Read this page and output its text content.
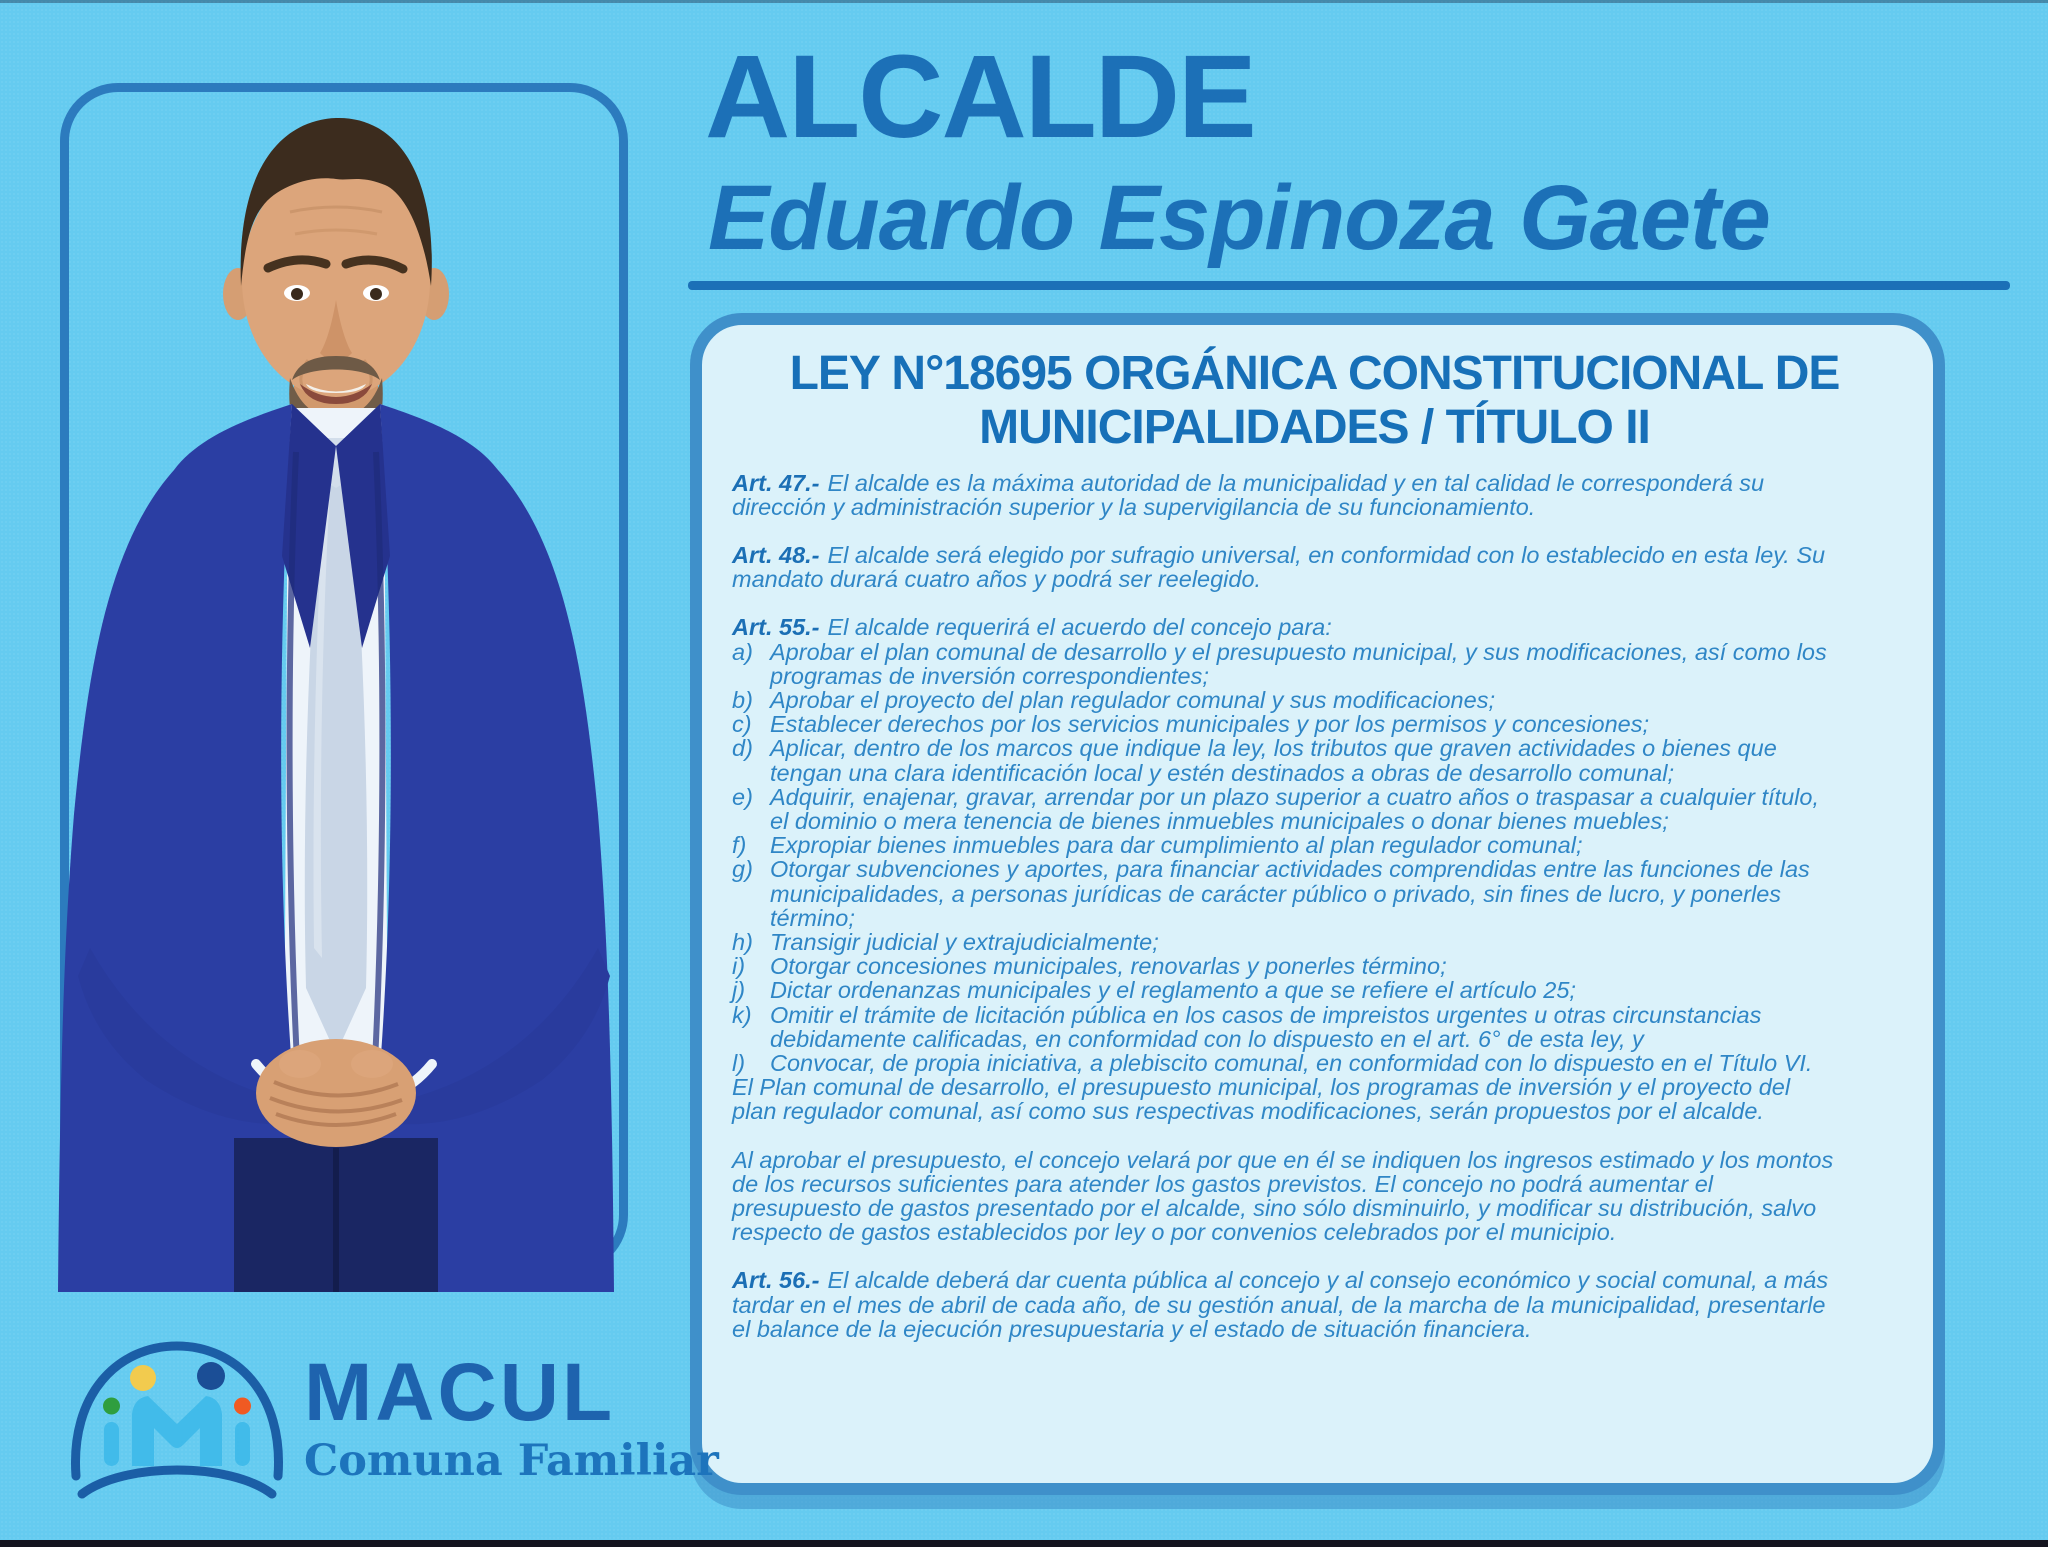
ALCALDE
Eduardo Espinoza Gaete
LEY N°18695 ORGÁNICA CONSTITUCIONAL DE
MUNICIPALIDADES / TÍTULO II

Art. 47.- El alcalde es la máxima autoridad de la municipalidad y en tal calidad le corresponderá su dirección y administración superior y la supervigilancia de su funcionamiento.

Art. 48.- El alcalde será elegido por sufragio universal, en conformidad con lo establecido en esta ley. Su mandato durará cuatro años y podrá ser reelegido.

Art. 55.- El alcalde requerirá el acuerdo del concejo para:

a) Aprobar el plan comunal de desarrollo y el presupuesto municipal, y sus modificaciones, así como los programas de inversión correspondientes;
b) Aprobar el proyecto del plan regulador comunal y sus modificaciones;
c) Establecer derechos por los servicios municipales y por los permisos y concesiones;
d) Aplicar, dentro de los marcos que indique la ley, los tributos que graven actividades o bienes que tengan una clara identificación local y estén destinados a obras de desarrollo comunal;
e) Adquirir, enajenar, gravar, arrendar por un plazo superior a cuatro años o traspasar a cualquier título, el dominio o mera tenencia de bienes inmuebles municipales o donar bienes muebles;
f)	Expropiar bienes inmuebles para dar cumplimiento al plan regulador comunal;
g) Otorgar subvenciones y aportes, para financiar actividades comprendidas entre las funciones de las municipalidades, a personas jurídicas de carácter público o privado, sin fines de lucro, y ponerles término;
h) Transigir judicial y extrajudicialmente;
i)	Otorgar concesiones municipales, renovarlas y ponerles término;
j)	Dictar ordenanzas municipales y el reglamento a que se refiere el artículo 25;
k) Omitir el trámite de licitación pública en los casos de impreistos urgentes u otras circunstancias debidamente calificadas, en conformidad con lo dispuesto en el art. 6° de esta ley, y
l)	Convocar, de propia iniciativa, a plebiscito comunal, en conformidad con lo dispuesto en el Título VI.

El Plan comunal de desarrollo, el presupuesto municipal, los programas de inversión y el proyecto del plan regulador comunal, así como sus respectivas modificaciones, serán propuestos por el alcalde.

Al aprobar el presupuesto, el concejo velará por que en él se indiquen los ingresos estimado y los montos de los recursos suficientes para atender los gastos previstos. El concejo no podrá aumentar el presupuesto de gastos presentado por el alcalde, sino sólo disminuirlo, y modificar su distribución, salvo respecto de gastos establecidos por ley o por convenios celebrados por el municipio.

Art. 56.- El alcalde deberá dar cuenta pública al concejo y al consejo económico y social comunal, a más tardar en el mes de abril de cada año, de su gestión anual, de la marcha de la municipalidad, presentarle el balance de la ejecución presupuestaria y el estado de situación financiera.

MACUL
Comuna Familiar
